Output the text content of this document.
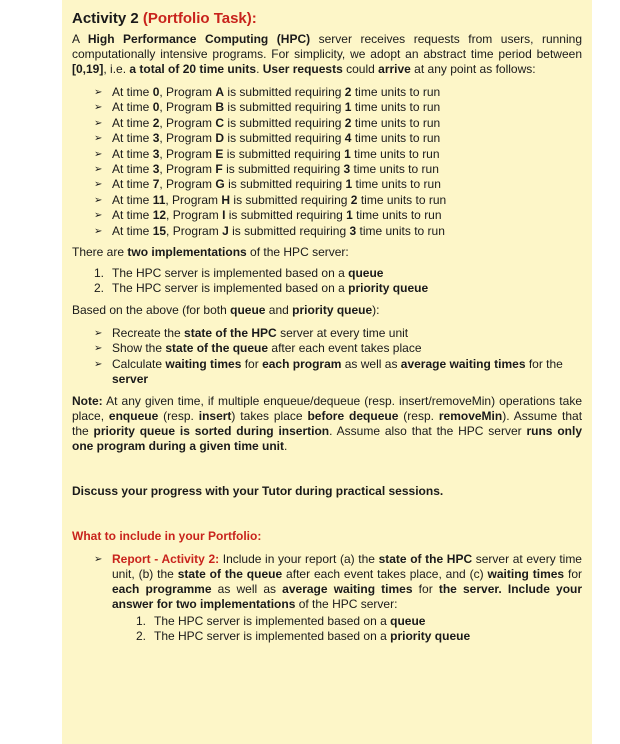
Activity 2 (Portfolio Task):

A High Performance Computing (HPC) server receives requests from users, running computationally intensive programs. For simplicity, we adopt an abstract time period between [0,19], i.e. a total of 20 time units. User requests could arrive at any point as follows:

➢ At time 0, Program A is submitted requiring 2 time units to run
➢ At time 0, Program B is submitted requiring 1 time units to run
➢ At time 2, Program C is submitted requiring 2 time units to run
➢ At time 3, Program D is submitted requiring 4 time units to run
➢ At time 3, Program E is submitted requiring 1 time units to run
➢ At time 3, Program F is submitted requiring 3 time units to run
➢ At time 7, Program G is submitted requiring 1 time units to run
➢ At time 11, Program H is submitted requiring 2 time units to run
➢ At time 12, Program I is submitted requiring 1 time units to run
➢ At time 15, Program J is submitted requiring 3 time units to run

There are two implementations of the HPC server:

1. The HPC server is implemented based on a queue
2. The HPC server is implemented based on a priority queue

Based on the above (for both queue and priority queue):

➢ Recreate the state of the HPC server at every time unit
➢ Show the state of the queue after each event takes place
➢ Calculate waiting times for each program as well as average waiting times for the server

Note: At any given time, if multiple enqueue/dequeue (resp. insert/removeMin) operations take place, enqueue (resp. insert) takes place before dequeue (resp. removeMin). Assume that the priority queue is sorted during insertion. Assume also that the HPC server runs only one program during a given time unit.

Discuss your progress with your Tutor during practical sessions.

What to include in your Portfolio:

➢ Report - Activity 2: Include in your report (a) the state of the HPC server at every time unit, (b) the state of the queue after each event takes place, and (c) waiting times for each programme as well as average waiting times for the server. Include your answer for two implementations of the HPC server:
1. The HPC server is implemented based on a queue
2. The HPC server is implemented based on a priority queue
